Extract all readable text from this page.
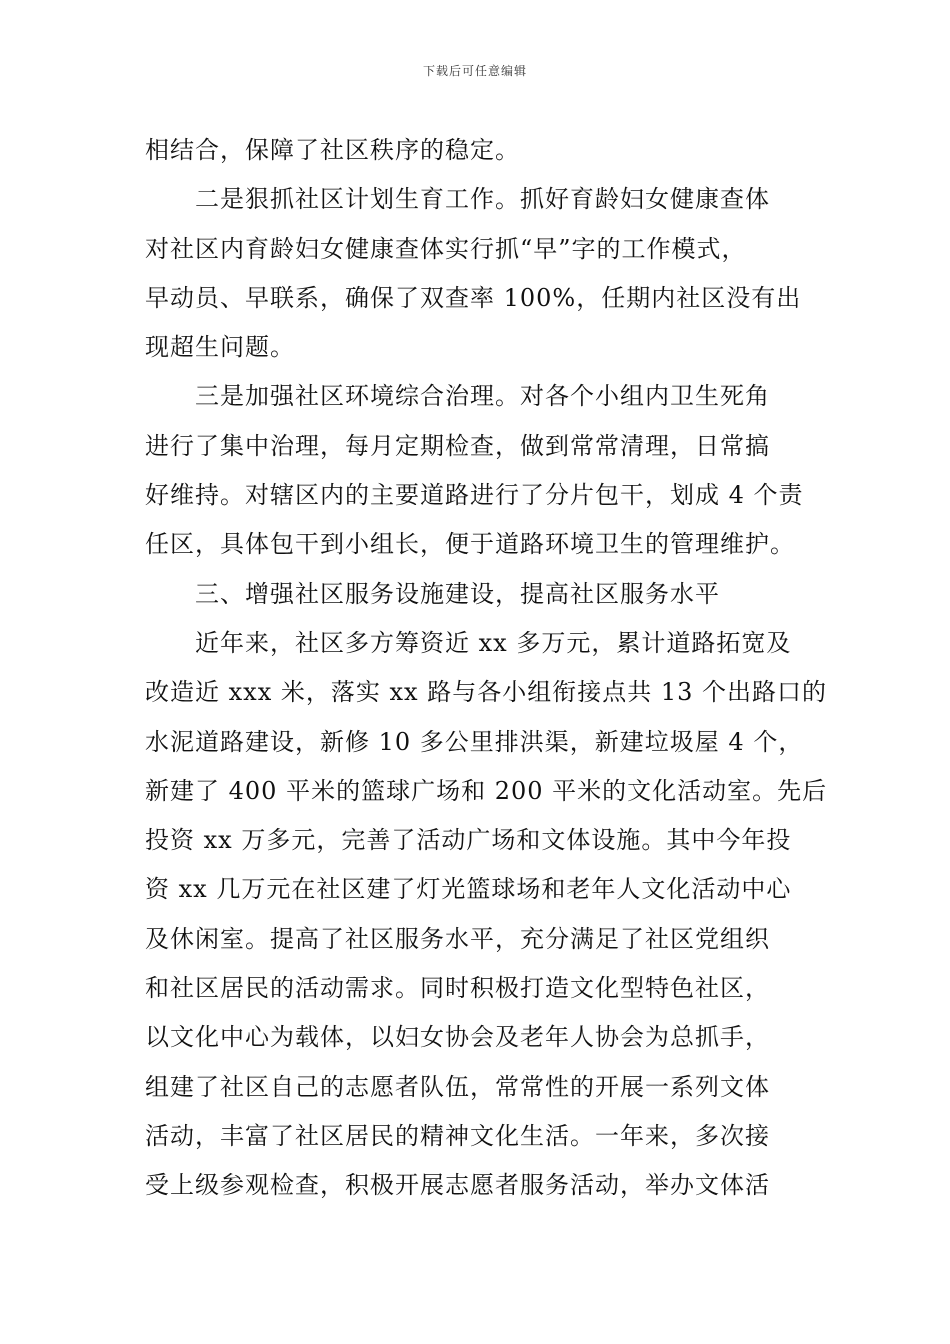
下载后可任意编辑
相结合，保障了社区秩序的稳定。
二是狠抓社区计划生育工作。抓好育龄妇女健康查体
对社区内育龄妇女健康查体实行抓“早”字的工作模式，
早动员、早联系，确保了双查率 100%，任期内社区没有出
现超生问题。
三是加强社区环境综合治理。对各个小组内卫生死角
进行了集中治理，每月定期检查，做到常常清理，日常搞
好维持。对辖区内的主要道路进行了分片包干，划成 4 个责
任区，具体包干到小组长，便于道路环境卫生的管理维护。
三、增强社区服务设施建设，提高社区服务水平
近年来，社区多方筹资近 xx 多万元，累计道路拓宽及
改造近 xxx 米，落实 xx 路与各小组衔接点共 13 个出路口的
水泥道路建设，新修 10 多公里排洪渠，新建垃圾屋 4 个，
新建了 400 平米的篮球广场和 200 平米的文化活动室。先后
投资 xx 万多元，完善了活动广场和文体设施。其中今年投
资 xx 几万元在社区建了灯光篮球场和老年人文化活动中心
及休闲室。提高了社区服务水平，充分满足了社区党组织
和社区居民的活动需求。同时积极打造文化型特色社区，
以文化中心为载体，以妇女协会及老年人协会为总抓手，
组建了社区自己的志愿者队伍，常常性的开展一系列文体
活动，丰富了社区居民的精神文化生活。一年来，多次接
受上级参观检查，积极开展志愿者服务活动，举办文体活
